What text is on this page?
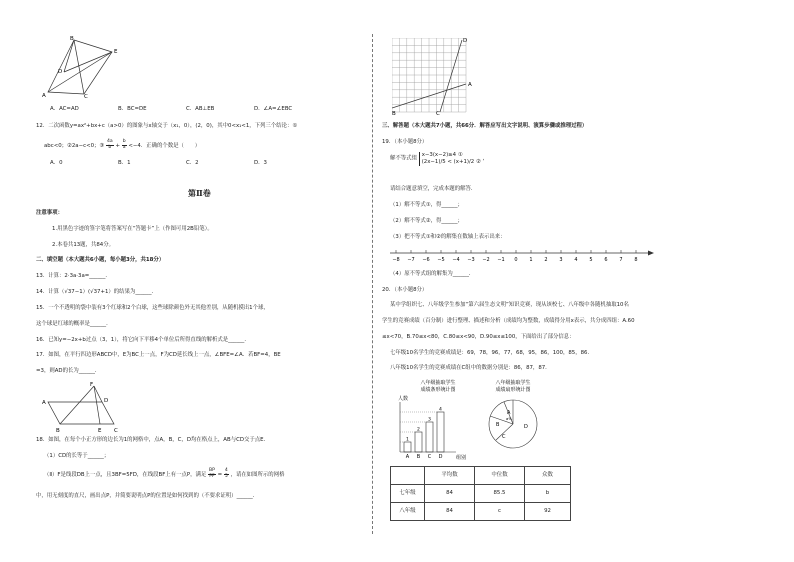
B
E
D
A	C
A．AC=AD	B．BC=DE	C．AB⊥EB	D．∠A=∠EBC
12．二次函数y=ax²+bx+c（a>0）的图象与x轴交于（x₁，0），(2，0)，其中0<x₁<1，下列三个结论：①
abc<0；②2a−c<0；③ $\frac{4a}{b} + \frac{b}{a} <-4$．正确的个数是（　　）
A．0	B．1	C．2	D．3
第Ⅱ卷
注意事项：
1.用黑色字迹的签字笔将答案写在“答题卡”上（作图可用2B铅笔）。
2.本卷共13题，共84分。
二、填空题（本大题共6小题，每小题3分，共18分）
13．计算：2·3a·3a=______．
14．计算（√37−1）(√37+1）的结果为______．
15．一个不透明的袋中装有3个红球和2个白球，这些球除颜色外无其他差别，从随机摸出1个球，
这个球是红球的概率是______．
16．已知y=−2x+b过点（3，1），将它向下平移4个单位后所得直线的解析式是______．
17．如图，在平行四边形ABCD中，E为BC上一点，F为CD延长线上一点，∠BFE=∠A．若BF=4，BE
=3，则AD的长为______．
F
D
A
E
B	C
18．如图，在每个小正方形的边长为1的网格中，点A，B，C，D均在格点上，AB与CD交于点E．
（1）CD的长等于______；
（Ⅱ）F是线段DB上一点，且3BF=5FD，在线段BF上有一点P，满足 $\frac{BP}{PF} = \frac{4}{5}$ ，请在如图所示的网格
中，用无刻度的直尺，画出点P，并简要说明点P的位置是如何找到的（不要求证明）______．
D
B
A
C
三、解答题（本大题共7小题，共66分．解答应写出文字说明、演算步骤或推理过程）
19．（本小题8分）
解不等式组
x−3(x−2)≥4 ①
(2x−1)/5 < (x+1)/2 ②
，
请结合题意填空，完成本题的解答．
（1）解不等式①，得______；
（2）解不等式②，得______；
（3）把不等式①和②的解集在数轴上表示出来：
−8 −7 −6 −5 −4 −3 −2 −1 0 1 2 3 4 5 6 7 8
（4）原不等式组的解集为______．
20．（本小题8分）
某中学组织七、八年级学生参加“第六届生态文明”知识竞赛，现从该校七、八年级中各随机抽取10名
学生的竞赛成绩（百分制）进行整理、描述和分析（成绩均为整数，成绩得分用x表示，共分成四组：A.60
≤x<70，B.70≤x<80，C.80≤x<90，D.90≤x≤100，下面给出了部分信息：
七年级10名学生的竞赛成绩是：69，78，96，77，68，95，86，100，85，86．
八年级10名学生的竞赛成绩在C组中的数据分别是：86，87，87．
八年级抽取学生
成绩条形统计图
人数
组别
1
A
2
B
3
C
4
D
八年级抽取学生
成绩扇形统计图
A
B
C
D
a%
	平均数	中位数	众数
七年级	84	85.5	b
八年级	84	c	92
